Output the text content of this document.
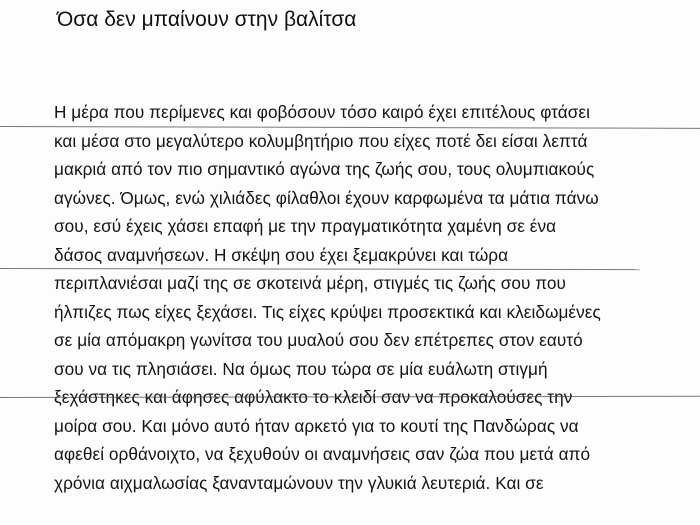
Όσα δεν μπαίνουν στην βαλίτσα
Η μέρα που περίμενες και φοβόσουν τόσο καιρό έχει επιτέλους φτάσει
και μέσα στο μεγαλύτερο κολυμβητήριο που είχες ποτέ δει είσαι λεπτά
μακριά από τον πιο σημαντικό αγώνα της ζωής σου, τους ολυμπιακούς
αγώνες. Όμως, ενώ χιλιάδες φίλαθλοι έχουν καρφωμένα τα μάτια πάνω
σου, εσύ έχεις χάσει επαφή με την πραγματικότητα χαμένη σε ένα
δάσος αναμνήσεων. Η σκέψη σου έχει ξεμακρύνει και τώρα
περιπλανιέσαι μαζί της σε σκοτεινά μέρη, στιγμές τις ζωής σου που
ήλπιζες πως είχες ξεχάσει. Τις είχες κρύψει προσεκτικά και κλειδωμένες
σε μία απόμακρη γωνίτσα του μυαλού σου δεν επέτρεπες στον εαυτό
σου να τις πλησιάσει. Να όμως που τώρα σε μία ευάλωτη στιγμή
ξεχάστηκες και άφησες αφύλακτο το κλειδί σαν να προκαλούσες την
μοίρα σου. Και μόνο αυτό ήταν αρκετό για το κουτί της Πανδώρας να
αφεθεί ορθάνοιχτο, να ξεχυθούν οι αναμνήσεις σαν ζώα που μετά από
χρόνια αιχμαλωσίας ξανανταμώνουν την γλυκιά λευτεριά. Και σε
